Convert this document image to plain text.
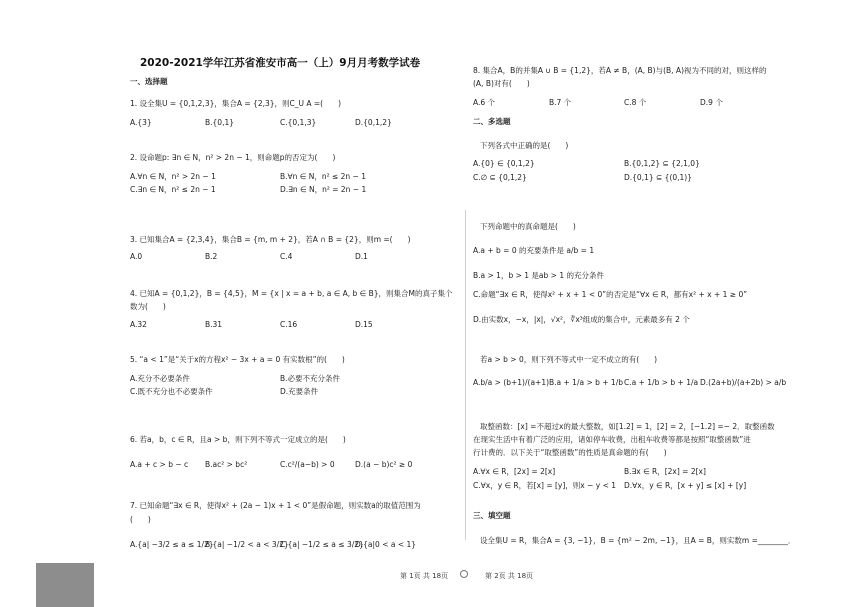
2020-2021学年江苏省淮安市高一（上）9月月考数学试卷
一、选择题
1. 设全集U = {0,1,2,3}，集合A = {2,3}，则C_U A =(　　)
A.{3}	B.{0,1}	C.{0,1,3}	D.{0,1,2}
2. 设命题p: ∃n ∈ N，n² > 2n − 1，则命题p的否定为(　　)
A.∀n ∈ N，n² > 2n − 1	B.∀n ∈ N，n² ≤ 2n − 1
C.∃n ∈ N，n² ≤ 2n − 1	D.∃n ∈ N，n² = 2n − 1
3. 已知集合A = {2,3,4}，集合B = {m, m + 2}，若A ∩ B = {2}，则m =(　　)
A.0	B.2	C.4	D.1
4. 已知A = {0,1,2}，B = {4,5}，M = {x | x = a + b, a ∈ A, b ∈ B}，则集合M的真子集个
数为(　　)
A.32	B.31	C.16	D.15
5. “a < 1”是“关于x的方程x² − 3x + a = 0 有实数根”的(　　)
A.充分不必要条件	B.必要不充分条件
C.既不充分也不必要条件	D.充要条件
6. 若a，b，c ∈ R，且a > b，则下列不等式一定成立的是(　　)
A.a + c > b − c B.ac² > bc²	C.c²/(a−b) > 0	D.(a − b)c² ≥ 0
7. 已知命题“∃x ∈ R，使得x² + (2a − 1)x + 1 < 0”是假命题，则实数a的取值范围为
(　　)
A.{a| −3/2 ≤ a ≤ 1/2}
B.{a| −1/2 < a < 3/2}
C.{a| −1/2 ≤ a ≤ 3/2}
D.{a|0 < a < 1}
8. 集合A，B的并集A ∪ B = {1,2}，若A ≠ B，(A, B)与(B, A)视为不同的对，则这样的
(A, B)对有(　　)
A.6 个	B.7 个	C.8 个	D.9 个
二、多选题
下列各式中正确的是(　　)
A.{0} ∈ {0,1,2}	B.{0,1,2} ⊆ {2,1,0}
C.∅ ⊆ {0,1,2}	D.{0,1} ⊆ {(0,1)}
下列命题中的真命题是(　　)
A.a + b = 0 的充要条件是 a/b = 1
B.a > 1，b > 1 是ab > 1 的充分条件
C.命题“∃x ∈ R，使得x² + x + 1 < 0”的否定是“∀x ∈ R，都有x² + x + 1 ≥ 0”
D.由实数x，−x，|x|，√x²，∛x³组成的集合中，元素最多有 2 个
若a > b > 0，则下列不等式中一定不成立的有(　　)
A.b/a > (b+1)/(a+1) B.a + 1/a > b + 1/b C.a + 1/b > b + 1/a D.(2a+b)/(a+2b) > a/b
取整函数：[x] =不超过x的最大整数，如[1.2] = 1，[2] = 2，[−1.2] =− 2．取整函数
在现实生活中有着广泛的应用，诸如停车收费，出租车收费等都是按照“取整函数”进
行计费的．以下关于“取整函数”的性质是真命题的有(　　)
A.∀x ∈ R，[2x] = 2[x]	B.∃x ∈ R，[2x] = 2[x]
C.∀x，y ∈ R，若[x] = [y]，则x − y < 1 D.∀x，y ∈ R，[x + y] ≤ [x] + [y]
三、填空题
设全集U = R，集合A = {3, −1}，B = {m² − 2m, −1}，且A = B，则实数m =________．
第 1页 共 18页	第 2页 共 18页
